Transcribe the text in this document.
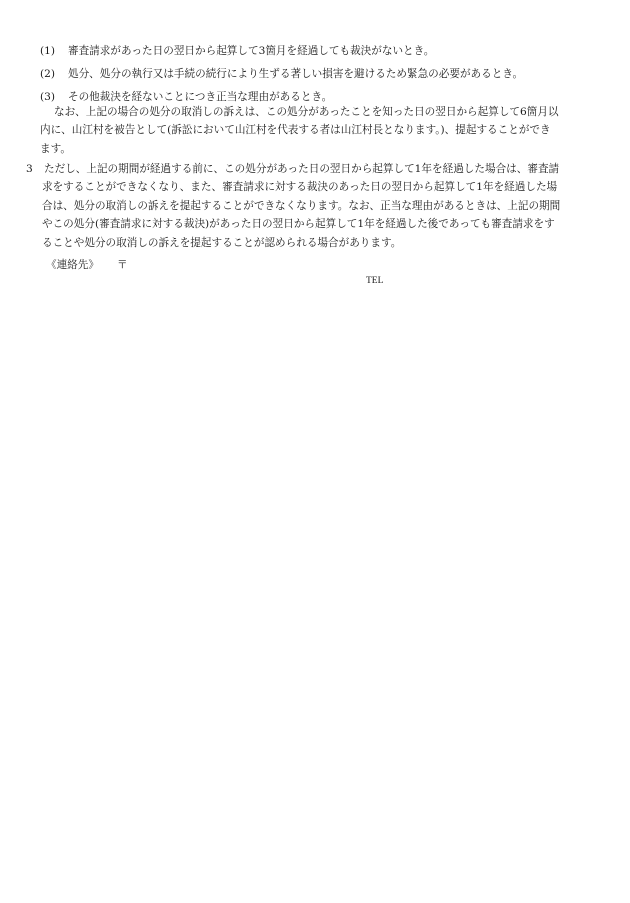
(1) 審査請求があった日の翌日から起算して3箇月を経過しても裁決がないとき。
(2) 処分、処分の執行又は手続の続行により生ずる著しい損害を避けるため緊急の必要があるとき。
(3) その他裁決を経ないことにつき正当な理由があるとき。
なお、上記の場合の処分の取消しの訴えは、この処分があったことを知った日の翌日から起算して6箇月以
内に、山江村を被告として(訴訟において山江村を代表する者は山江村長となります。)、提起することができ
ます。
3 ただし、上記の期間が経過する前に、この処分があった日の翌日から起算して1年を経過した場合は、審査請
求をすることができなくなり、また、審査請求に対する裁決のあった日の翌日から起算して1年を経過した場
合は、処分の取消しの訴えを提起することができなくなります。なお、正当な理由があるときは、上記の期間
やこの処分(審査請求に対する裁決)があった日の翌日から起算して1年を経過した後であっても審査請求をす
ることや処分の取消しの訴えを提起することが認められる場合があります。
《連絡先》 〒
TEL
